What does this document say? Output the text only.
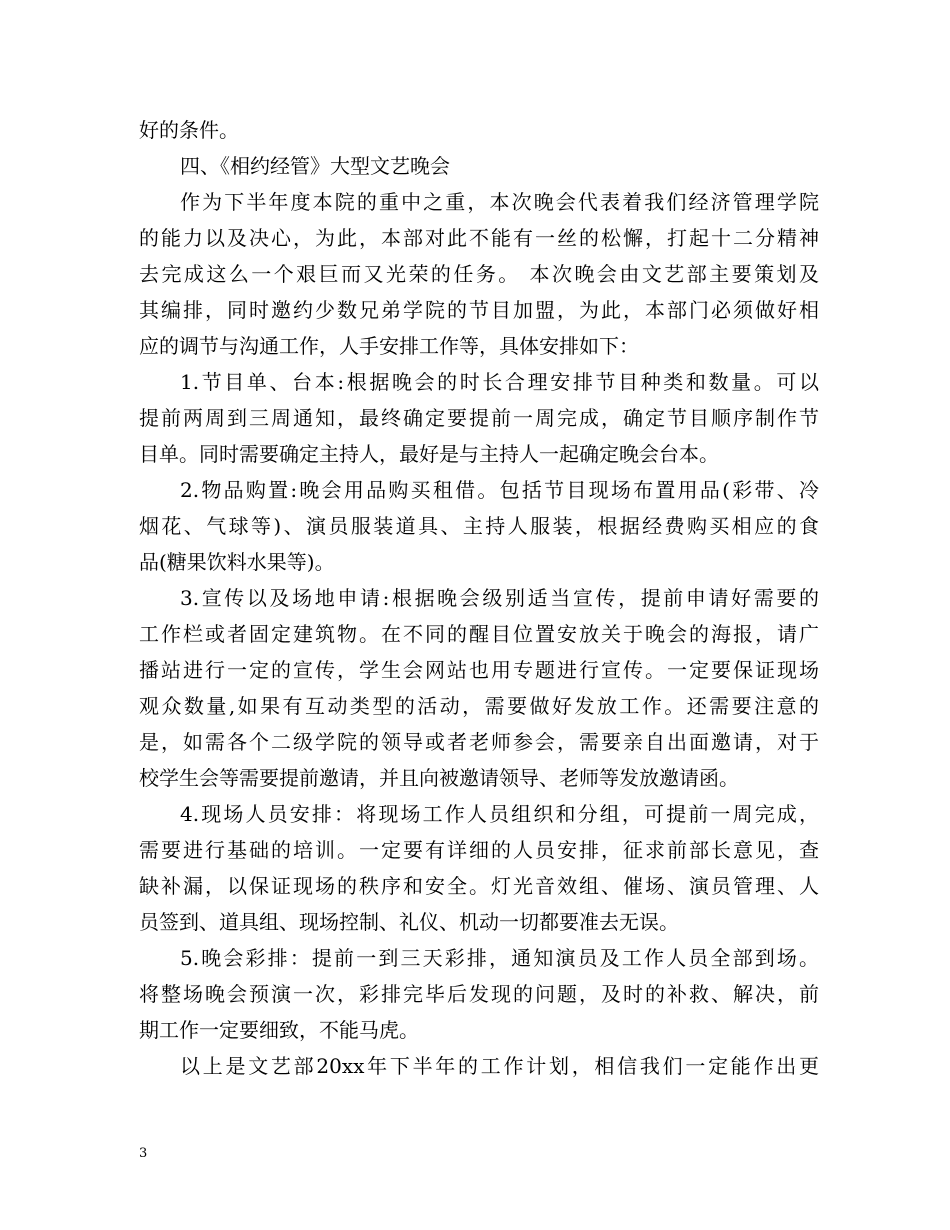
好的条件。
四、《相约经管》大型文艺晚会
作为下半年度本院的重中之重，本次晚会代表着我们经济管理学院
的能力以及决心，为此，本部对此不能有一丝的松懈，打起十二分精神
去完成这么一个艰巨而又光荣的任务。 本次晚会由文艺部主要策划及
其编排，同时邀约少数兄弟学院的节目加盟，为此，本部门必须做好相
应的调节与沟通工作，人手安排工作等，具体安排如下：
1.节目单、台本:根据晚会的时长合理安排节目种类和数量。可以
提前两周到三周通知，最终确定要提前一周完成，确定节目顺序制作节
目单。同时需要确定主持人，最好是与主持人一起确定晚会台本。
2.物品购置:晚会用品购买租借。包括节目现场布置用品(彩带、冷
烟花、气球等)、演员服装道具、主持人服装，根据经费购买相应的食
品(糖果饮料水果等)。
3.宣传以及场地申请:根据晚会级别适当宣传，提前申请好需要的
工作栏或者固定建筑物。在不同的醒目位置安放关于晚会的海报，请广
播站进行一定的宣传，学生会网站也用专题进行宣传。一定要保证现场
观众数量,如果有互动类型的活动，需要做好发放工作。还需要注意的
是，如需各个二级学院的领导或者老师参会，需要亲自出面邀请，对于
校学生会等需要提前邀请，并且向被邀请领导、老师等发放邀请函。
4.现场人员安排：将现场工作人员组织和分组，可提前一周完成，
需要进行基础的培训。一定要有详细的人员安排，征求前部长意见，查
缺补漏，以保证现场的秩序和安全。灯光音效组、催场、演员管理、人
员签到、道具组、现场控制、礼仪、机动一切都要准去无误。
5.晚会彩排：提前一到三天彩排，通知演员及工作人员全部到场。
将整场晚会预演一次，彩排完毕后发现的问题，及时的补救、解决，前
期工作一定要细致，不能马虎。
以上是文艺部20xx年下半年的工作计划，相信我们一定能作出更
3
